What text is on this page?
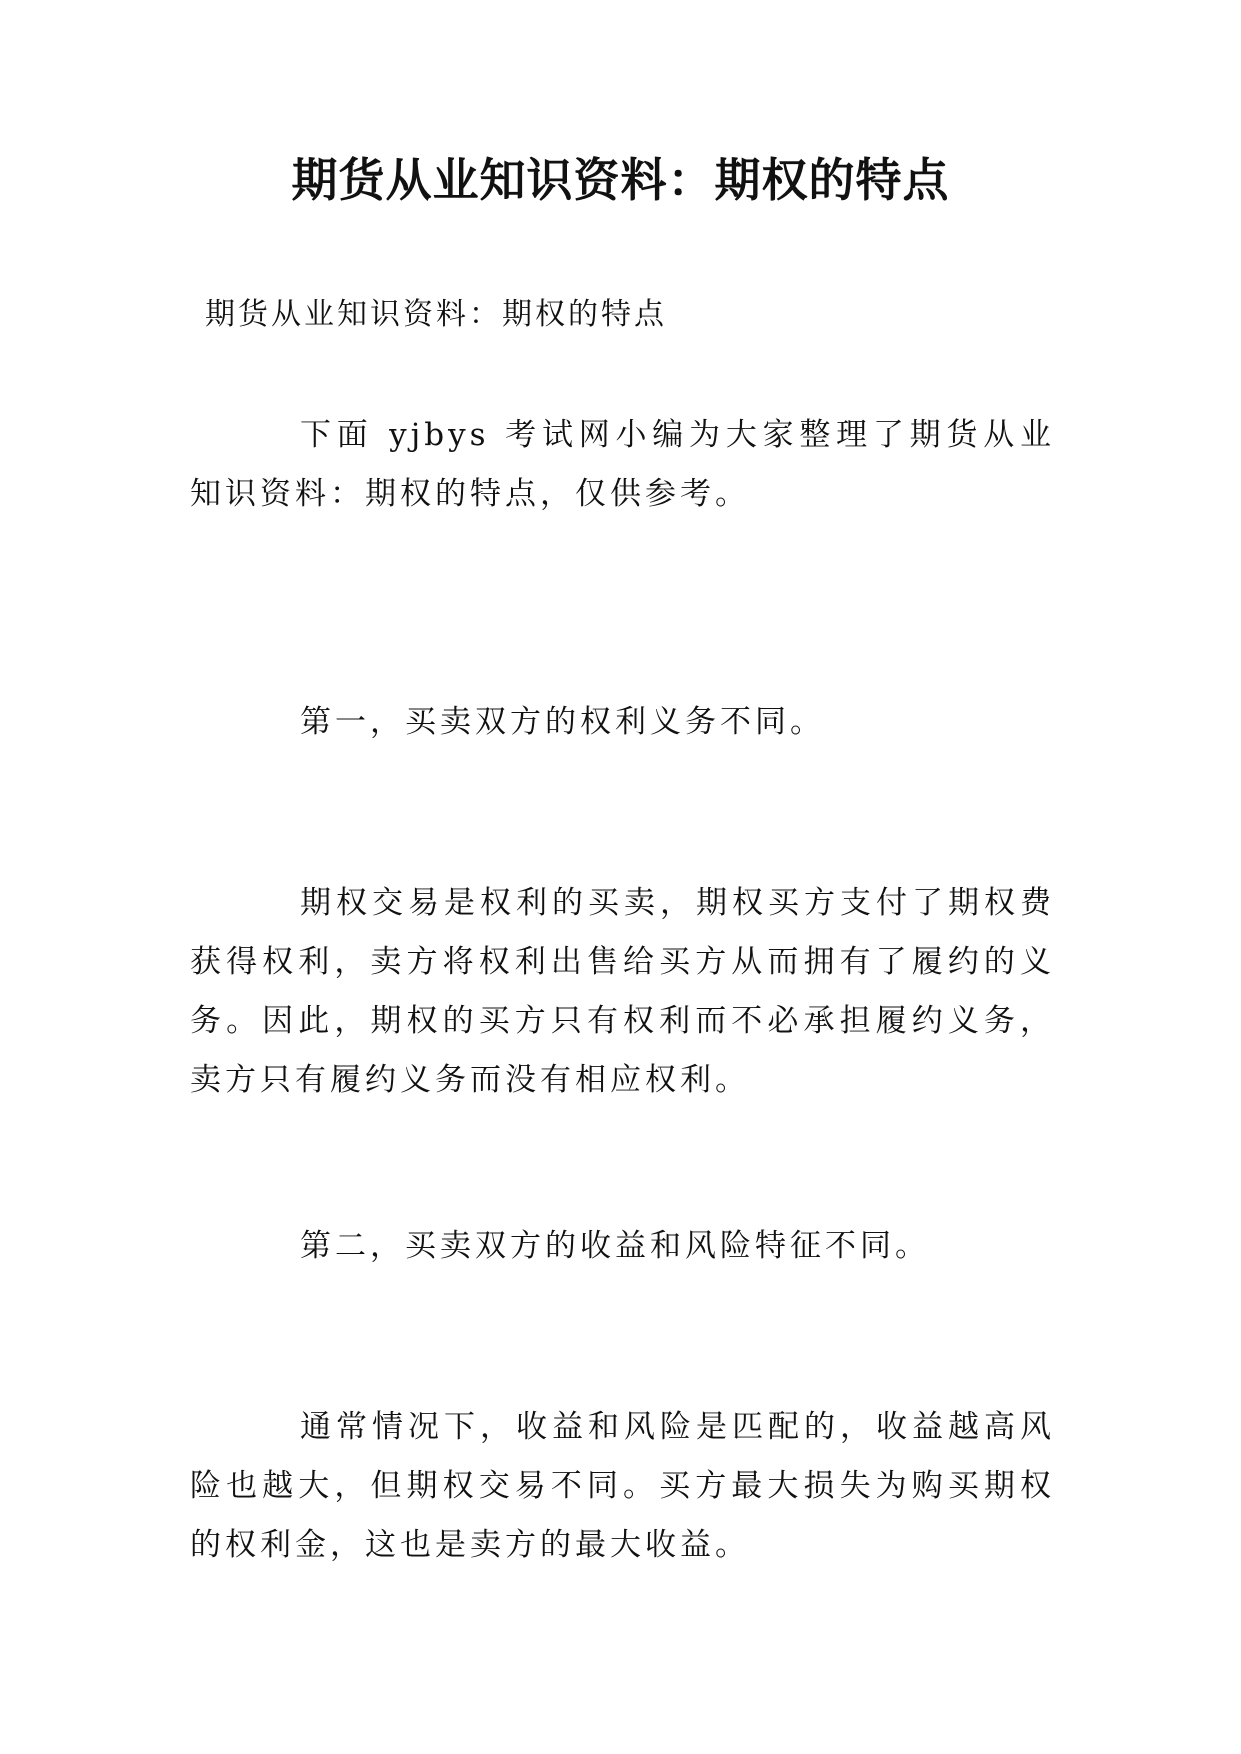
期货从业知识资料：期权的特点
期货从业知识资料：期权的特点

下面 yjbys 考试网小编为大家整理了期货从业知识资料：期权的特点，仅供参考。

第一，买卖双方的权利义务不同。

期权交易是权利的买卖，期权买方支付了期权费获得权利，卖方将权利出售给买方从而拥有了履约的义务。因此，期权的买方只有权利而不必承担履约义务，卖方只有履约义务而没有相应权利。

第二，买卖双方的收益和风险特征不同。

通常情况下，收益和风险是匹配的，收益越高风险也越大，但期权交易不同。买方最大损失为购买期权的权利金，这也是卖方的最大收益。
